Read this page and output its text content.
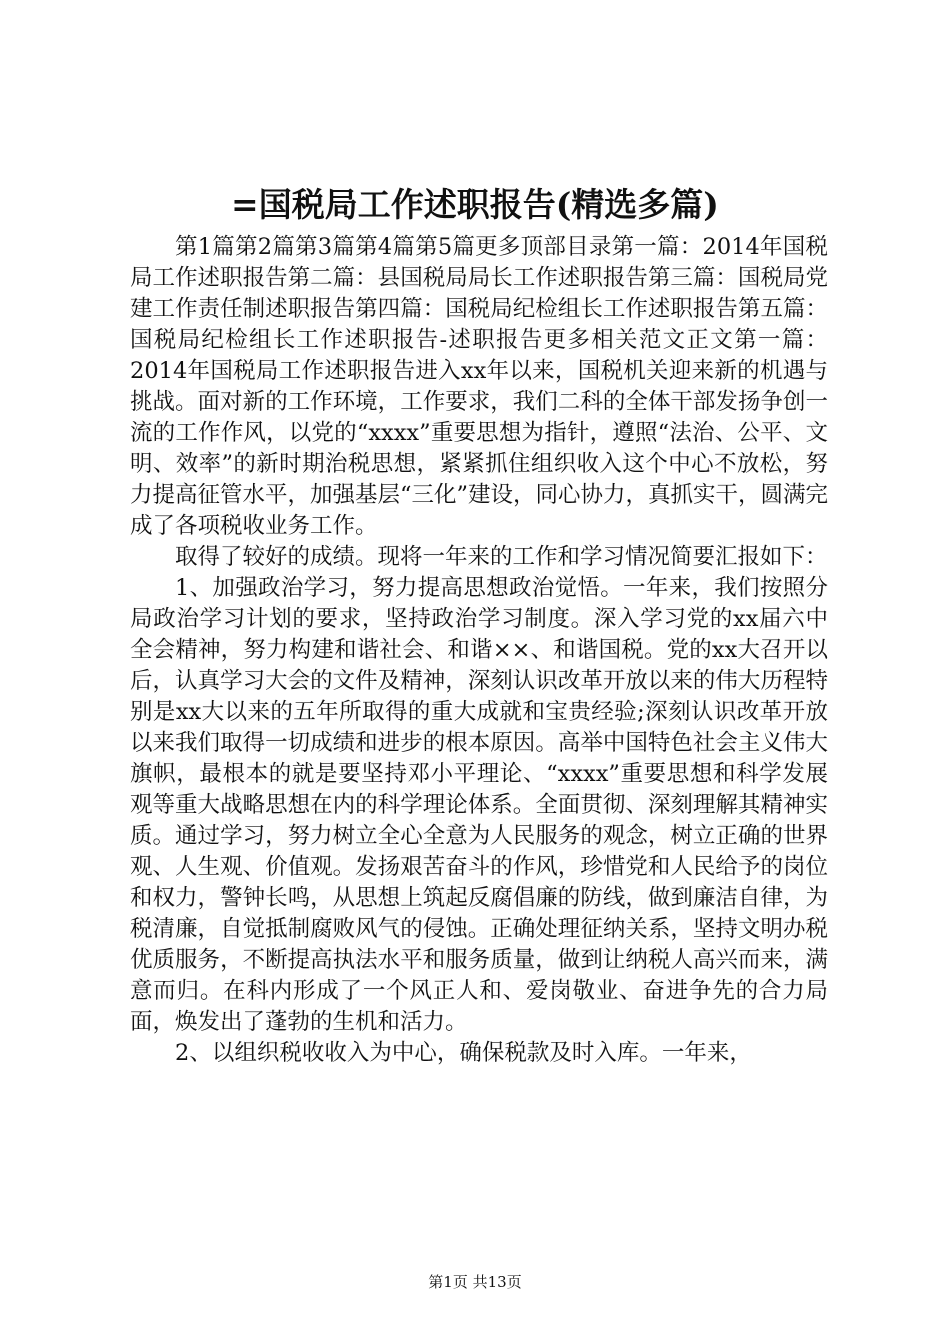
=国税局工作述职报告(精选多篇)

第1篇第2篇第3篇第4篇第5篇更多顶部目录第一篇：2014年国税局工作述职报告第二篇：县国税局局长工作述职报告第三篇：国税局党建工作责任制述职报告第四篇：国税局纪检组长工作述职报告第五篇：国税局纪检组长工作述职报告-述职报告更多相关范文正文第一篇：2014年国税局工作述职报告进入xx年以来，国税机关迎来新的机遇与挑战。面对新的工作环境，工作要求，我们二科的全体干部发扬争创一流的工作作风，以党的“xxxx”重要思想为指针，遵照“法治、公平、文明、效率”的新时期治税思想，紧紧抓住组织收入这个中心不放松，努力提高征管水平，加强基层“三化”建设，同心协力，真抓实干，圆满完成了各项税收业务工作。

取得了较好的成绩。现将一年来的工作和学习情况简要汇报如下：

1、加强政治学习，努力提高思想政治觉悟。一年来，我们按照分局政治学习计划的要求，坚持政治学习制度。深入学习党的xx届六中全会精神，努力构建和谐社会、和谐××、和谐国税。党的xx大召开以后，认真学习大会的文件及精神，深刻认识改革开放以来的伟大历程特别是xx大以来的五年所取得的重大成就和宝贵经验;深刻认识改革开放以来我们取得一切成绩和进步的根本原因。高举中国特色社会主义伟大旗帜，最根本的就是要坚持邓小平理论、“xxxx”重要思想和科学发展观等重大战略思想在内的科学理论体系。全面贯彻、深刻理解其精神实质。通过学习，努力树立全心全意为人民服务的观念，树立正确的世界观、人生观、价值观。发扬艰苦奋斗的作风，珍惜党和人民给予的岗位和权力，警钟长鸣，从思想上筑起反腐倡廉的防线，做到廉洁自律，为税清廉，自觉抵制腐败风气的侵蚀。正确处理征纳关系，坚持文明办税优质服务，不断提高执法水平和服务质量，做到让纳税人高兴而来，满意而归。在科内形成了一个风正人和、爱岗敬业、奋进争先的合力局面，焕发出了蓬勃的生机和活力。

2、以组织税收收入为中心，确保税款及时入库。一年来，

第1页 共13页
